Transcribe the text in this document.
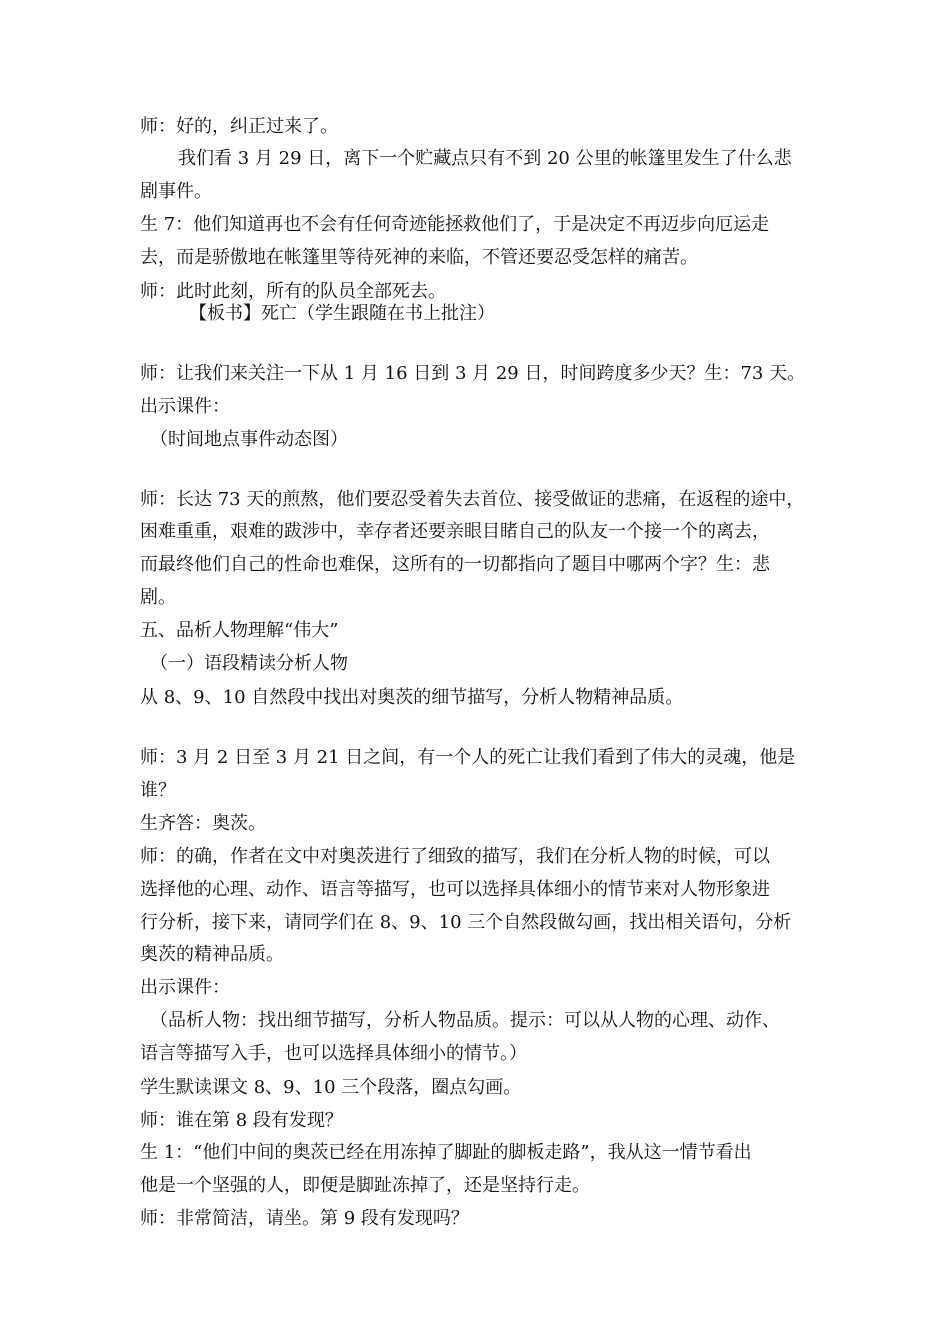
师：好的，纠正过来了。
我们看 3 月 29 日，离下一个贮藏点只有不到 20 公里的帐篷里发生了什么悲
剧事件。
生 7：他们知道再也不会有任何奇迹能拯救他们了，于是决定不再迈步向厄运走
去，而是骄傲地在帐篷里等待死神的来临，不管还要忍受怎样的痛苦。
师：此时此刻，所有的队员全部死去。
【板书】死亡（学生跟随在书上批注）
师：让我们来关注一下从 1 月 16 日到 3 月 29 日，时间跨度多少天？生：73 天。
出示课件：
（时间地点事件动态图）
师：长达 73 天的煎熬，他们要忍受着失去首位、接受做证的悲痛，在返程的途中，
困难重重，艰难的跋涉中，幸存者还要亲眼目睹自己的队友一个接一个的离去，
而最终他们自己的性命也难保，这所有的一切都指向了题目中哪两个字？生：悲
剧。
五、品析人物理解“伟大”
（一）语段精读分析人物
从 8、9、10 自然段中找出对奥茨的细节描写，分析人物精神品质。
师：3 月 2 日至 3 月 21 日之间，有一个人的死亡让我们看到了伟大的灵魂，他是
谁？
生齐答：奥茨。
师：的确，作者在文中对奥茨进行了细致的描写，我们在分析人物的时候，可以
选择他的心理、动作、语言等描写，也可以选择具体细小的情节来对人物形象进
行分析，接下来，请同学们在 8、9、10 三个自然段做勾画，找出相关语句，分析
奥茨的精神品质。
出示课件：
（品析人物：找出细节描写，分析人物品质。提示：可以从人物的心理、动作、
语言等描写入手，也可以选择具体细小的情节。）
学生默读课文 8、9、10 三个段落，圈点勾画。
师：谁在第 8 段有发现？
生 1：“他们中间的奥茨已经在用冻掉了脚趾的脚板走路”，我从这一情节看出
他是一个坚强的人，即便是脚趾冻掉了，还是坚持行走。
师：非常简洁，请坐。第 9 段有发现吗？
